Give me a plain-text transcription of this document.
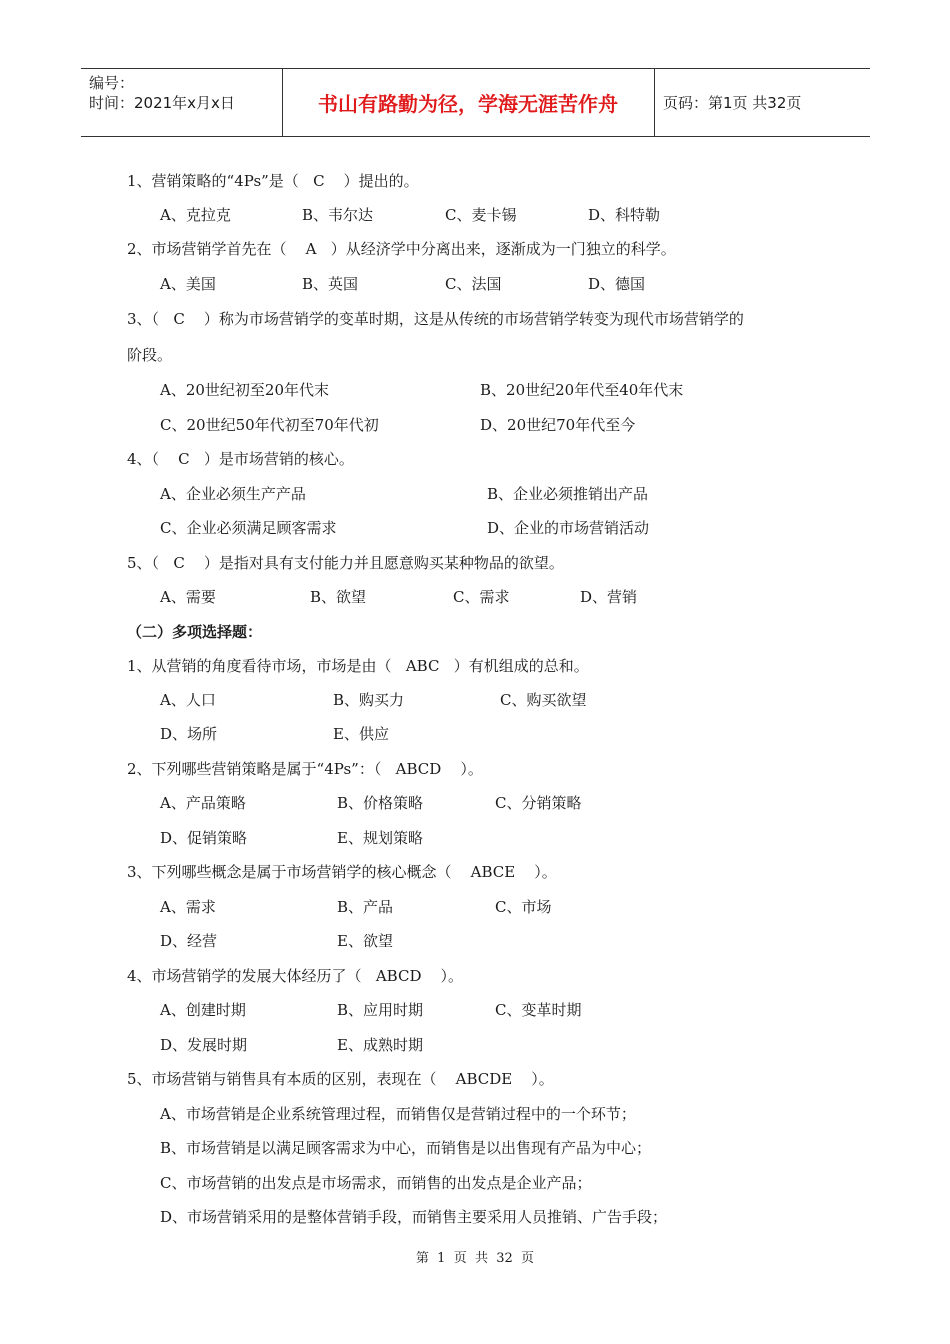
编号：
时间：2021年x月x日	书山有路勤为径，学海无涯苦作舟	页码：第1页 共32页
1、营销策略的“4Ps”是（   C    ）提出的。
A、克拉克	B、韦尔达	C、麦卡锡	D、科特勒
2、市场营销学首先在（    A   ）从经济学中分离出来，逐渐成为一门独立的科学。
A、美国	B、英国	C、法国	D、德国
3、（   C    ）称为市场营销学的变革时期，这是从传统的市场营销学转变为现代市场营销学的
阶段。
A、20世纪初至20年代末	B、20世纪20年代至40年代末
C、20世纪50年代初至70年代初	D、20世纪70年代至今
4、（    C   ）是市场营销的核心。
A、企业必须生产产品	B、企业必须推销出产品
C、企业必须满足顾客需求	D、企业的市场营销活动
5、（   C    ）是指对具有支付能力并且愿意购买某种物品的欲望。
A、需要	B、欲望	C、需求	D、营销
（二）多项选择题：
1、从营销的角度看待市场，市场是由（   ABC   ）有机组成的总和。
A、人口	B、购买力	C、购买欲望
D、场所	E、供应
2、下列哪些营销策略是属于“4Ps”：（   ABCD    ）。
A、产品策略	B、价格策略	C、分销策略
D、促销策略	E、规划策略
3、下列哪些概念是属于市场营销学的核心概念（    ABCE    ）。
A、需求	B、产品	C、市场
D、经营	E、欲望
4、市场营销学的发展大体经历了（   ABCD    ）。
A、创建时期	B、应用时期	C、变革时期
D、发展时期	E、成熟时期
5、市场营销与销售具有本质的区别，表现在（    ABCDE    ）。
A、市场营销是企业系统管理过程，而销售仅是营销过程中的一个环节；
B、市场营销是以满足顾客需求为中心，而销售是以出售现有产品为中心；
C、市场营销的出发点是市场需求，而销售的出发点是企业产品；
D、市场营销采用的是整体营销手段，而销售主要采用人员推销、广告手段；
第  1  页  共  32  页
